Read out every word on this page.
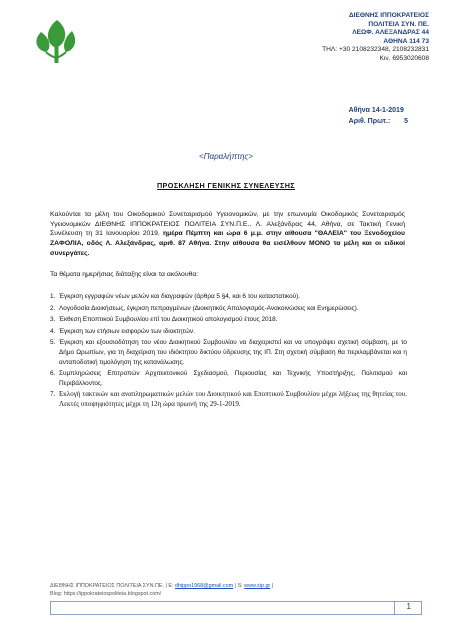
ΔΙΕΘΝΗΣ ΙΠΠΟΚΡΑΤΕΙΟΣ
ΠΟΛΙΤΕΙΑ ΣΥΝ. ΠΕ.
ΛΕΩΦ. ΑΛΕΞΑΝΔΡΑΣ 44
ΑΘΗΝΑ 114 73
ΤΗΛ: +30 2108232348, 2108232831
Κιν. 6953020608
Αθήνα 14-1-2019
Αριθ. Πρωτ.: 5
<Παραλήπτης>
ΠΡΟΣΚΛΗΣΗ ΓΕΝΙΚΗΣ ΣΥΝΕΛΕΥΣΗΣ
Καλούνται τα μέλη του Οικοδομικού Συνεταιρισμού Υγειονομικών, με την επωνυμία Οικοδομικός Συνεταιρισμός Υγειονομικών ΔΙΕΘΝΗΣ ΙΠΠΟΚΡΑΤΕΙΟΣ ΠΟΛΙΤΕΙΑ ΣΥΝ.Π.Ε., Λ. Αλεξάνδρας 44, Αθήνα, σε Τακτική Γενική Συνέλευση τη 31 Ιανουαρίου 2019, ημέρα Πέμπτη και ώρα 6 μ.μ. στην αίθουσα "ΘΑΛΕΙΑ" του Ξενοδοχείου ΖΑФОЛΙΑ, οδός Λ. Αλεξάνδρας, αριθ. 87 Αθήνα. Στην αίθουσα θα εισέλθουν ΜΟΝΟ τα μέλη και οι ειδικοί συνεργάτες.
Τα θέματα ημερήσιας διάταξης είναι τα ακόλουθα:
1. Έγκριση εγγραφών νέων μελών και διαγραφών (άρθρα 5 §4, και 6 του καταστατικού).
2. Λογοδοσία Διοικήσεως, έγκριση πεπραγμένων (Διοικητικός Απολογισμός-Ανακοινώσεις και Ενημερώσεις).
3. Έκθεση Εποπτικού Συμβουλίου επί του Διοικητικού απολογισμού έτους 2018.
4. Έγκριση των ετήσιων εισφορών των ιδιοκτητών.
5. Έγκριση και εξουσιοδότηση του νέου Διοικητικού Συμβουλίου να διαχειριστεί και να υπογράψει σχετική σύμβαση, με το Δήμο Ωρωπίων, για τη διαχείριση του ιδιόκτητου δικτύου ύδρευσης της ΙΠ. Στη σχετική σύμβαση θα περιλαμβάνεται και η ανταποδοτική τιμολόγηση της κατανάλωσης.
6. Συμπληρώσεις Επιτροπών Αρχιτεκτονικού Σχεδιασμού, Περιουσίας και Τεχνικής Υποστήριξης, Πολιτισμού και Περιβάλλοντος.
7. Εκλογή τακτικών και αναπληρωματικών μελών του Διοικητικού και Εποπτικού Συμβουλίου μέχρι λήξεως της θητείας του. Λεκτές υποψηφιότητες μέχρι τη 12η ώρα πρωινή της 29-1-2019.
ΔΙΕΘΝΗΣ ΙΠΠΟΚΡΑΤΕΙΟΣ ΠΟΛΙΤΕΙΑ ΣΥΝ.ΠΕ. | E: dhippo1968@gmail.com | S: www.sip.gr |
Blog: https://ippokrateiospoliteia.blogspot.com/
1
